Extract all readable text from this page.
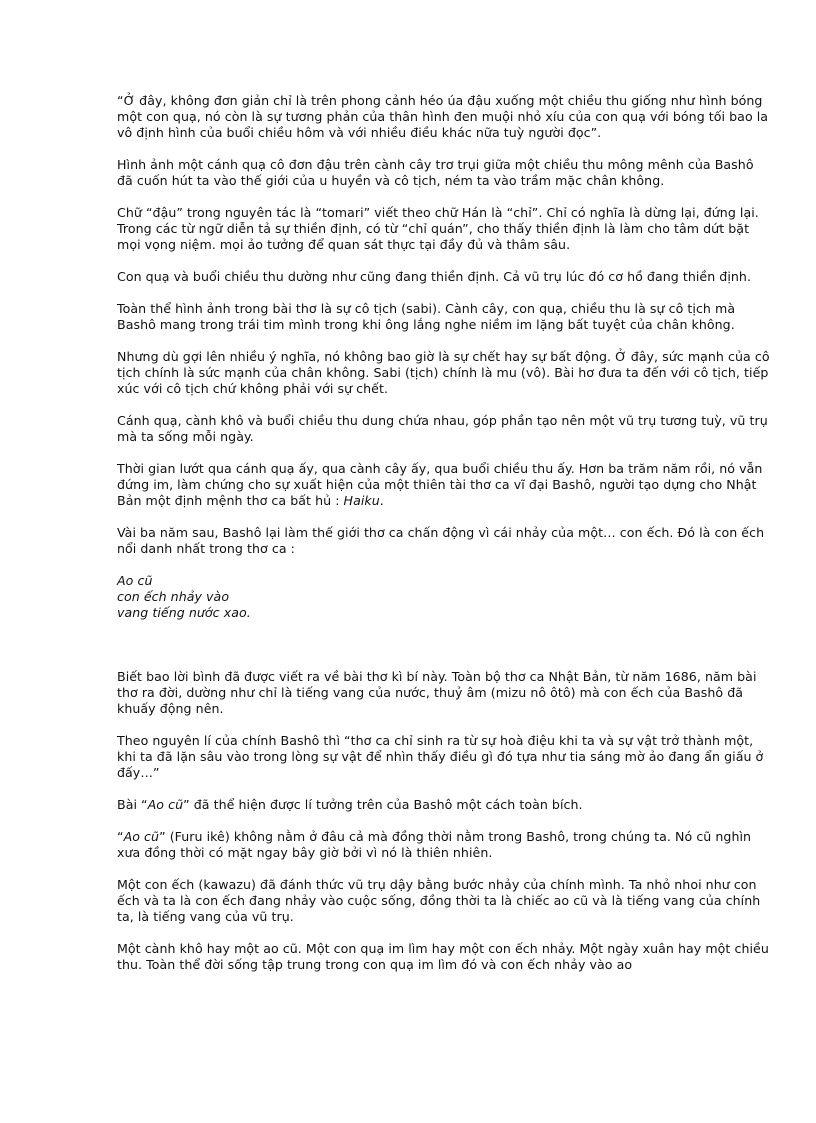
“Ở đây, không đơn giản chỉ là trên phong cảnh héo úa đậu xuống một chiều thu giống như hình bóng một con quạ, nó còn là sự tương phản của thân hình đen muội nhỏ xíu của con quạ với bóng tối bao la vô định hình của buổi chiều hôm và với nhiều điều khác nữa tuỳ người đọc”.

Hình ảnh một cánh quạ cô đơn đậu trên cành cây trơ trụi giữa một chiều thu mông mênh của Bashô đã cuốn hút ta vào thế giới của u huyền và cô tịch, ném ta vào trầm mặc chân không.

Chữ “đậu” trong nguyên tác là “tomari” viết theo chữ Hán là “chỉ”. Chỉ có nghĩa là dừng lại, đứng lại. Trong các từ ngữ diễn tả sự thiền định, có từ “chỉ quán”, cho thấy thiền định là làm cho tâm dứt bặt mọi vọng niệm. mọi ảo tưởng để quan sát thực tại đầy đủ và thâm sâu.

Con quạ và buổi chiều thu dường như cũng đang thiền định. Cả vũ trụ lúc đó cơ hồ đang thiền định.

Toàn thể hình ảnh trong bài thơ là sự cô tịch (sabi). Cành cây, con quạ, chiều thu là sự cô tịch mà Bashô mang trong trái tim mình trong khi ông lắng nghe niềm im lặng bất tuyệt của chân không.

Nhưng dù gợi lên nhiều ý nghĩa, nó không bao giờ là sự chết hay sự bất động. Ở đây, sức mạnh của cô tịch chính là sức mạnh của chân không. Sabi (tịch) chính là mu (vô). Bài hơ đưa ta đến với cô tịch, tiếp xúc với cô tịch chứ không phải với sự chết.

Cánh quạ, cành khô và buổi chiều thu dung chứa nhau, góp phần tạo nên một vũ trụ tương tuỳ, vũ trụ mà ta sống mỗi ngày.

Thời gian lướt qua cánh quạ ấy, qua cành cây ấy, qua buổi chiều thu ấy. Hơn ba trăm năm rồi, nó vẫn đứng im, làm chứng cho sự xuất hiện của một thiên tài thơ ca vĩ đại Bashô, người tạo dựng cho Nhật Bản một định mệnh thơ ca bất hủ : Haiku.

Vài ba năm sau, Bashô lại làm thế giới thơ ca chấn động vì cái nhảy của một… con ếch. Đó là con ếch nổi danh nhất trong thơ ca :

Ao cũ

con ếch nhảy vào

vang tiếng nước xao.

Biết bao lời bình đã được viết ra về bài thơ kì bí này. Toàn bộ thơ ca Nhật Bản, từ năm 1686, năm bài thơ ra đời, dường như chỉ là tiếng vang của nước, thuỷ âm (mizu nô ôtô) mà con ếch của Bashô đã khuấy động nên.

Theo nguyên lí của chính Bashô thì “thơ ca chỉ sinh ra từ sự hoà điệu khi ta và sự vật trở thành một, khi ta đã lặn sâu vào trong lòng sự vật để nhìn thấy điều gì đó tựa như tia sáng mờ ảo đang ẩn giấu ở đấy…”

Bài “Ao cũ” đã thể hiện được lí tưởng trên của Bashô một cách toàn bích.

“Ao cũ” (Furu ikê) không nằm ở đâu cả mà đồng thời nằm trong Bashô, trong chúng ta. Nó cũ nghìn xưa đồng thời có mặt ngay bây giờ bởi vì nó là thiên nhiên.

Một con ếch (kawazu) đã đánh thức vũ trụ dậy bằng bước nhảy của chính mình. Ta nhỏ nhoi như con ếch và ta là con ếch đang nhảy vào cuộc sống, đồng thời ta là chiếc ao cũ và là tiếng vang của chính ta, là tiếng vang của vũ trụ.

Một cành khô hay một ao cũ. Một con quạ im lìm hay một con ếch nhảy. Một ngày xuân hay một chiều thu. Toàn thể đời sống tập trung trong con quạ im lìm đó và con ếch nhảy vào ao
